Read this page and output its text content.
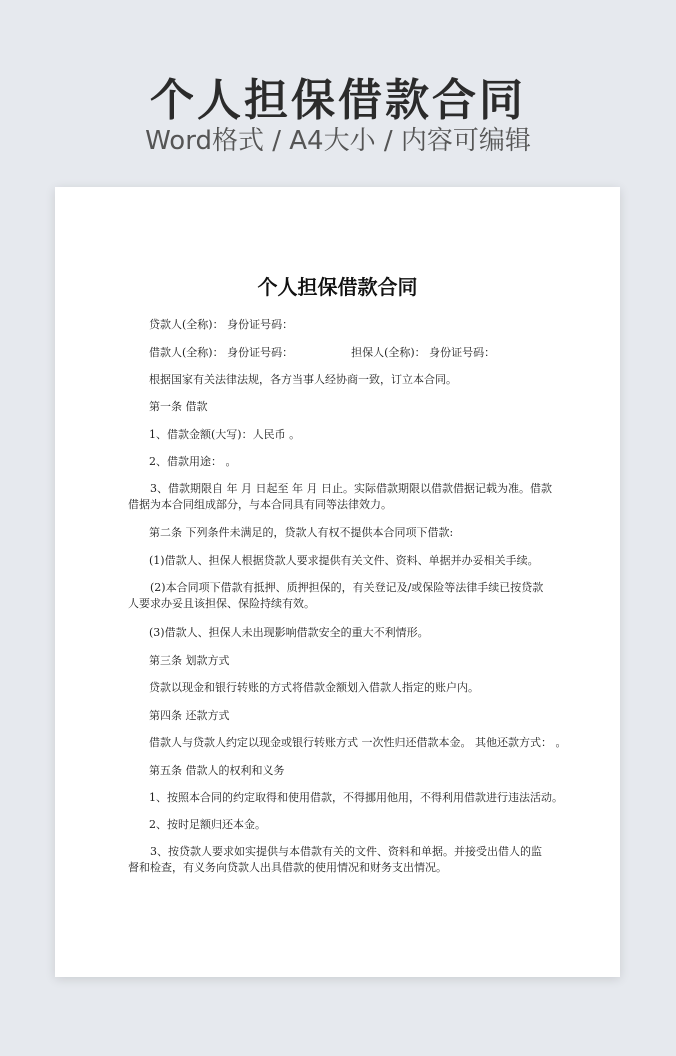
个人担保借款合同
Word格式 / A4大小 / 内容可编辑
个人担保借款合同
贷款人(全称)： 身份证号码：
借款人(全称)： 身份证号码：	担保人(全称)： 身份证号码：
根据国家有关法律法规，各方当事人经协商一致，订立本合同。
第一条 借款
1、借款金额(大写)：人民币 。
2、借款用途： 。
3、借款期限自 年 月 日起至 年 月 日止。实际借款期限以借款借据记载为准。借款借据为本合同组成部分，与本合同具有同等法律效力。
第二条 下列条件未满足的，贷款人有权不提供本合同项下借款:
(1)借款人、担保人根据贷款人要求提供有关文件、资料、单据并办妥相关手续。
(2)本合同项下借款有抵押、质押担保的，有关登记及/或保险等法律手续已按贷款人要求办妥且该担保、保险持续有效。
(3)借款人、担保人未出现影响借款安全的重大不利情形。
第三条 划款方式
贷款以现金和银行转账的方式将借款金额划入借款人指定的账户内。
第四条 还款方式
借款人与贷款人约定以现金或银行转账方式 一次性归还借款本金。 其他还款方式： 。
第五条 借款人的权利和义务
1、按照本合同的约定取得和使用借款，不得挪用他用，不得利用借款进行违法活动。
2、按时足额归还本金。
3、按贷款人要求如实提供与本借款有关的文件、资料和单据。并接受出借人的监督和检查，有义务向贷款人出具借款的使用情况和财务支出情况。
